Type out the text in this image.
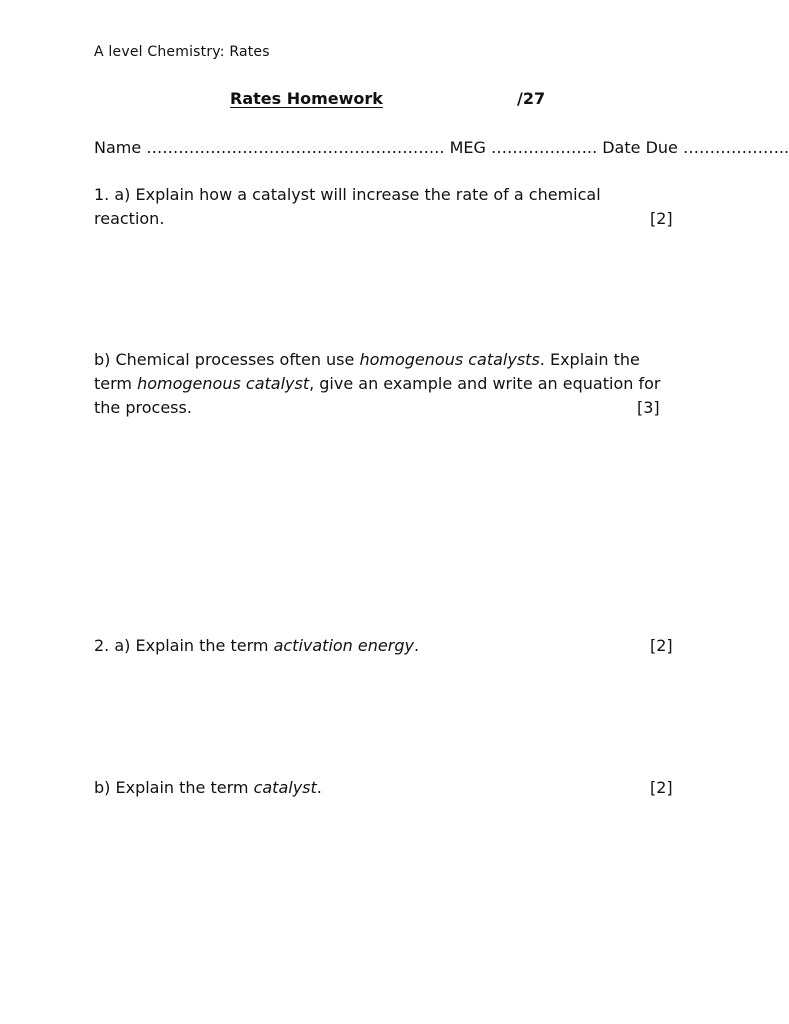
A level Chemistry: Rates

Rates Homework	/27

Name ……………………………………………….. MEG ……………….. Date Due ………………..
1. a) Explain how a catalyst will increase the rate of a chemical
reaction.	[2]
b) Chemical processes often use homogenous catalysts. Explain the
term homogenous catalyst, give an example and write an equation for
the process.	[3]
2. a) Explain the term activation energy.	[2]
b) Explain the term catalyst.	[2]
